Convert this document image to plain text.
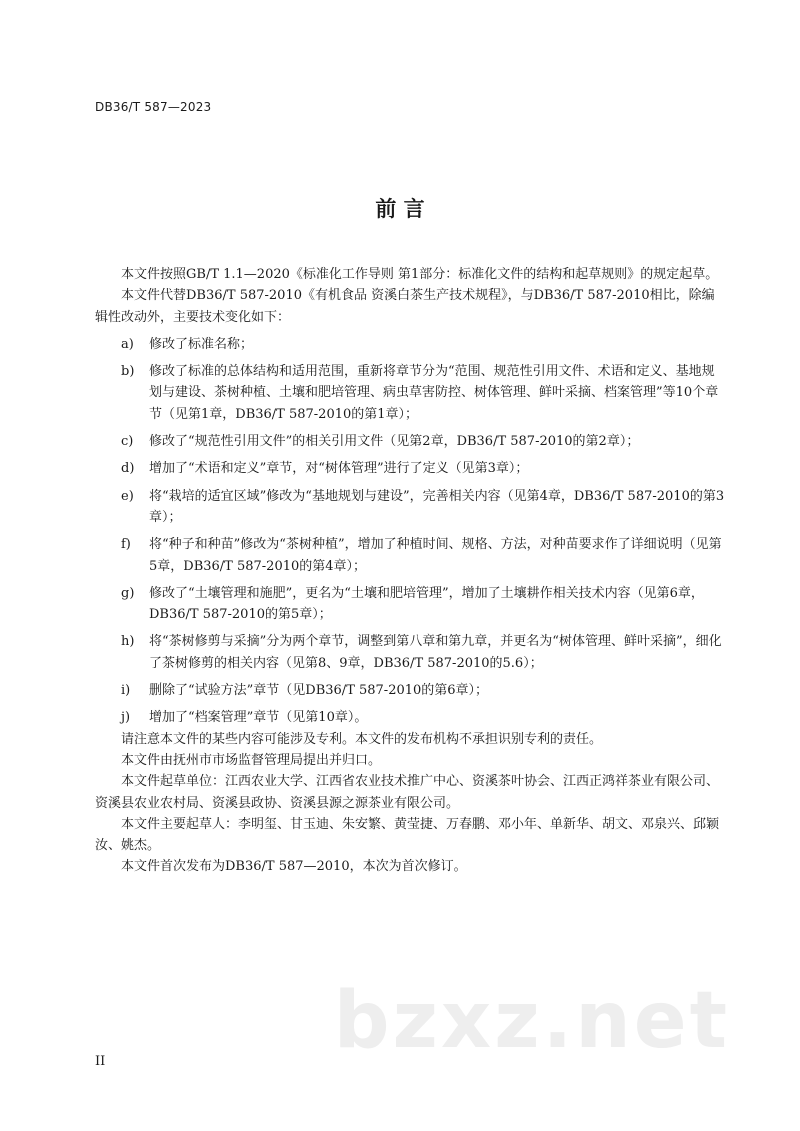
DB36/T 587—2023
前 言

本文件按照GB/T 1.1—2020《标准化工作导则 第1部分：标准化文件的结构和起草规则》的规定起草。

本文件代替DB36/T 587-2010《有机食品 资溪白茶生产技术规程》，与DB36/T 587-2010相比，除编辑性改动外，主要技术变化如下：

a)	修改了标准名称；
b)	修改了标准的总体结构和适用范围，重新将章节分为“范围、规范性引用文件、术语和定义、基地规划与建设、茶树种植、土壤和肥培管理、病虫草害防控、树体管理、鲜叶采摘、档案管理”等10个章节（见第1章，DB36/T 587-2010的第1章）；
c)	修改了“规范性引用文件”的相关引用文件（见第2章，DB36/T 587-2010的第2章）；
d)	增加了“术语和定义”章节，对“树体管理”进行了定义（见第3章）；
e)	将“栽培的适宜区域”修改为“基地规划与建设”，完善相关内容（见第4章，DB36/T 587-2010的第3章）；
f)	将“种子和种苗”修改为“茶树种植”，增加了种植时间、规格、方法，对种苗要求作了详细说明（见第5章，DB36/T 587-2010的第4章）；
g)	修改了“土壤管理和施肥”，更名为“土壤和肥培管理”，增加了土壤耕作相关技术内容（见第6章，DB36/T 587-2010的第5章）；
h)	将“茶树修剪与采摘”分为两个章节，调整到第八章和第九章，并更名为“树体管理、鲜叶采摘”，细化了茶树修剪的相关内容（见第8、9章，DB36/T 587-2010的5.6）；
i)	删除了“试验方法”章节（见DB36/T 587-2010的第6章）；
j)	增加了“档案管理”章节（见第10章）。

请注意本文件的某些内容可能涉及专利。本文件的发布机构不承担识别专利的责任。

本文件由抚州市市场监督管理局提出并归口。

本文件起草单位：江西农业大学、江西省农业技术推广中心、资溪茶叶协会、江西正鸿祥茶业有限公司、资溪县农业农村局、资溪县政协、资溪县源之源茶业有限公司。

本文件主要起草人：李明玺、甘玉迪、朱安繁、黄莹捷、万春鹏、邓小年、单新华、胡文、邓泉兴、邱颖汝、姚杰。

本文件首次发布为DB36/T 587—2010，本次为首次修订。

bzxz.net
II
